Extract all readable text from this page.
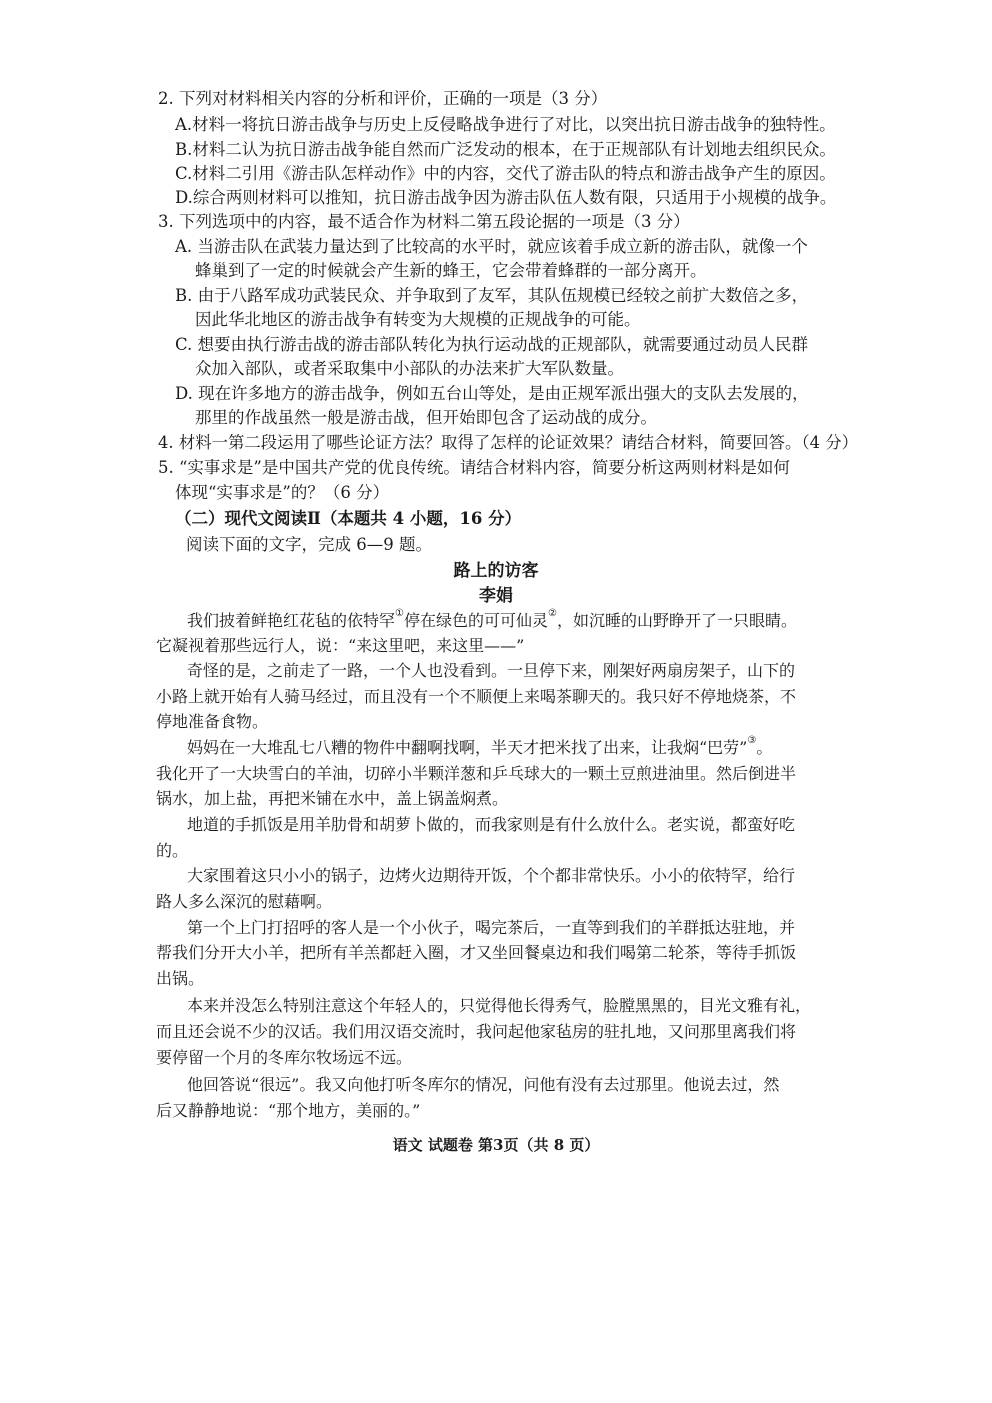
2. 下列对材料相关内容的分析和评价，正确的一项是（3 分）
A.材料一将抗日游击战争与历史上反侵略战争进行了对比，以突出抗日游击战争的独特性。
B.材料二认为抗日游击战争能自然而广泛发动的根本，在于正规部队有计划地去组织民众。
C.材料二引用《游击队怎样动作》中的内容，交代了游击队的特点和游击战争产生的原因。
D.综合两则材料可以推知，抗日游击战争因为游击队伍人数有限，只适用于小规模的战争。
3. 下列选项中的内容，最不适合作为材料二第五段论据的一项是（3 分）
A. 当游击队在武装力量达到了比较高的水平时，就应该着手成立新的游击队，就像一个
蜂巢到了一定的时候就会产生新的蜂王，它会带着蜂群的一部分离开。
B. 由于八路军成功武装民众、并争取到了友军，其队伍规模已经较之前扩大数倍之多，
因此华北地区的游击战争有转变为大规模的正规战争的可能。
C. 想要由执行游击战的游击部队转化为执行运动战的正规部队，就需要通过动员人民群
众加入部队，或者采取集中小部队的办法来扩大军队数量。
D. 现在许多地方的游击战争，例如五台山等处，是由正规军派出强大的支队去发展的，
那里的作战虽然一般是游击战，但开始即包含了运动战的成分。
4. 材料一第二段运用了哪些论证方法？取得了怎样的论证效果？请结合材料，简要回答。（4 分）
5. “实事求是”是中国共产党的优良传统。请结合材料内容，简要分析这两则材料是如何
体现“实事求是”的？（6 分）
（二）现代文阅读Ⅱ（本题共 4 小题，16 分）
阅读下面的文字，完成 6—9 题。
路上的访客
李娟
我们披着鲜艳红花毡的依特罕①停在绿色的可可仙灵②，如沉睡的山野睁开了一只眼睛。
它凝视着那些远行人，说：“来这里吧，来这里——”
奇怪的是，之前走了一路，一个人也没看到。一旦停下来，刚架好两扇房架子，山下的
小路上就开始有人骑马经过，而且没有一个不顺便上来喝茶聊天的。我只好不停地烧茶，不
停地准备食物。
妈妈在一大堆乱七八糟的物件中翻啊找啊，半天才把米找了出来，让我焖“巴劳”③。
我化开了一大块雪白的羊油，切碎小半颗洋葱和乒乓球大的一颗土豆煎进油里。然后倒进半
锅水，加上盐，再把米铺在水中，盖上锅盖焖煮。
地道的手抓饭是用羊肋骨和胡萝卜做的，而我家则是有什么放什么。老实说，都蛮好吃
的。
大家围着这只小小的锅子，边烤火边期待开饭，个个都非常快乐。小小的依特罕，给行
路人多么深沉的慰藉啊。
第一个上门打招呼的客人是一个小伙子，喝完茶后，一直等到我们的羊群抵达驻地，并
帮我们分开大小羊，把所有羊羔都赶入圈，才又坐回餐桌边和我们喝第二轮茶，等待手抓饭
出锅。
本来并没怎么特别注意这个年轻人的，只觉得他长得秀气，脸膛黑黑的，目光文雅有礼，
而且还会说不少的汉话。我们用汉语交流时，我问起他家毡房的驻扎地，又问那里离我们将
要停留一个月的冬库尔牧场远不远。
他回答说“很远”。我又向他打听冬库尔的情况，问他有没有去过那里。他说去过，然
后又静静地说：“那个地方，美丽的。”
语文 试题卷 第3页（共 8 页）
